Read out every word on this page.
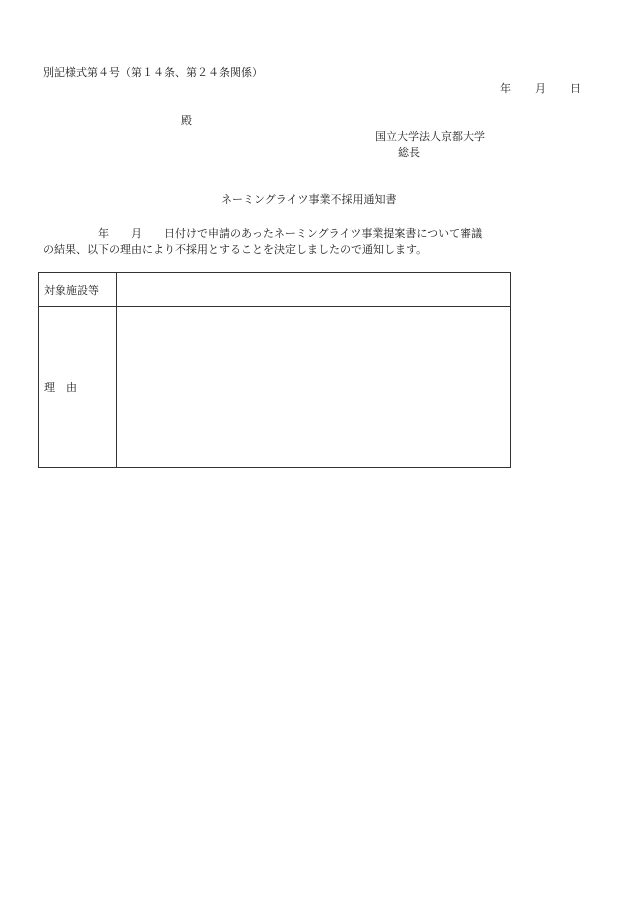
別記様式第４号（第１４条、第２４条関係）
年 月 日
殿
国立大学法人京都大学
総長
ネーミングライツ事業不採用通知書
　　　　　年　　月　　日付けで申請のあったネーミングライツ事業提案書について審議
の結果、以下の理由により不採用とすることを決定しましたので通知します。
対象施設等	
理　由	
